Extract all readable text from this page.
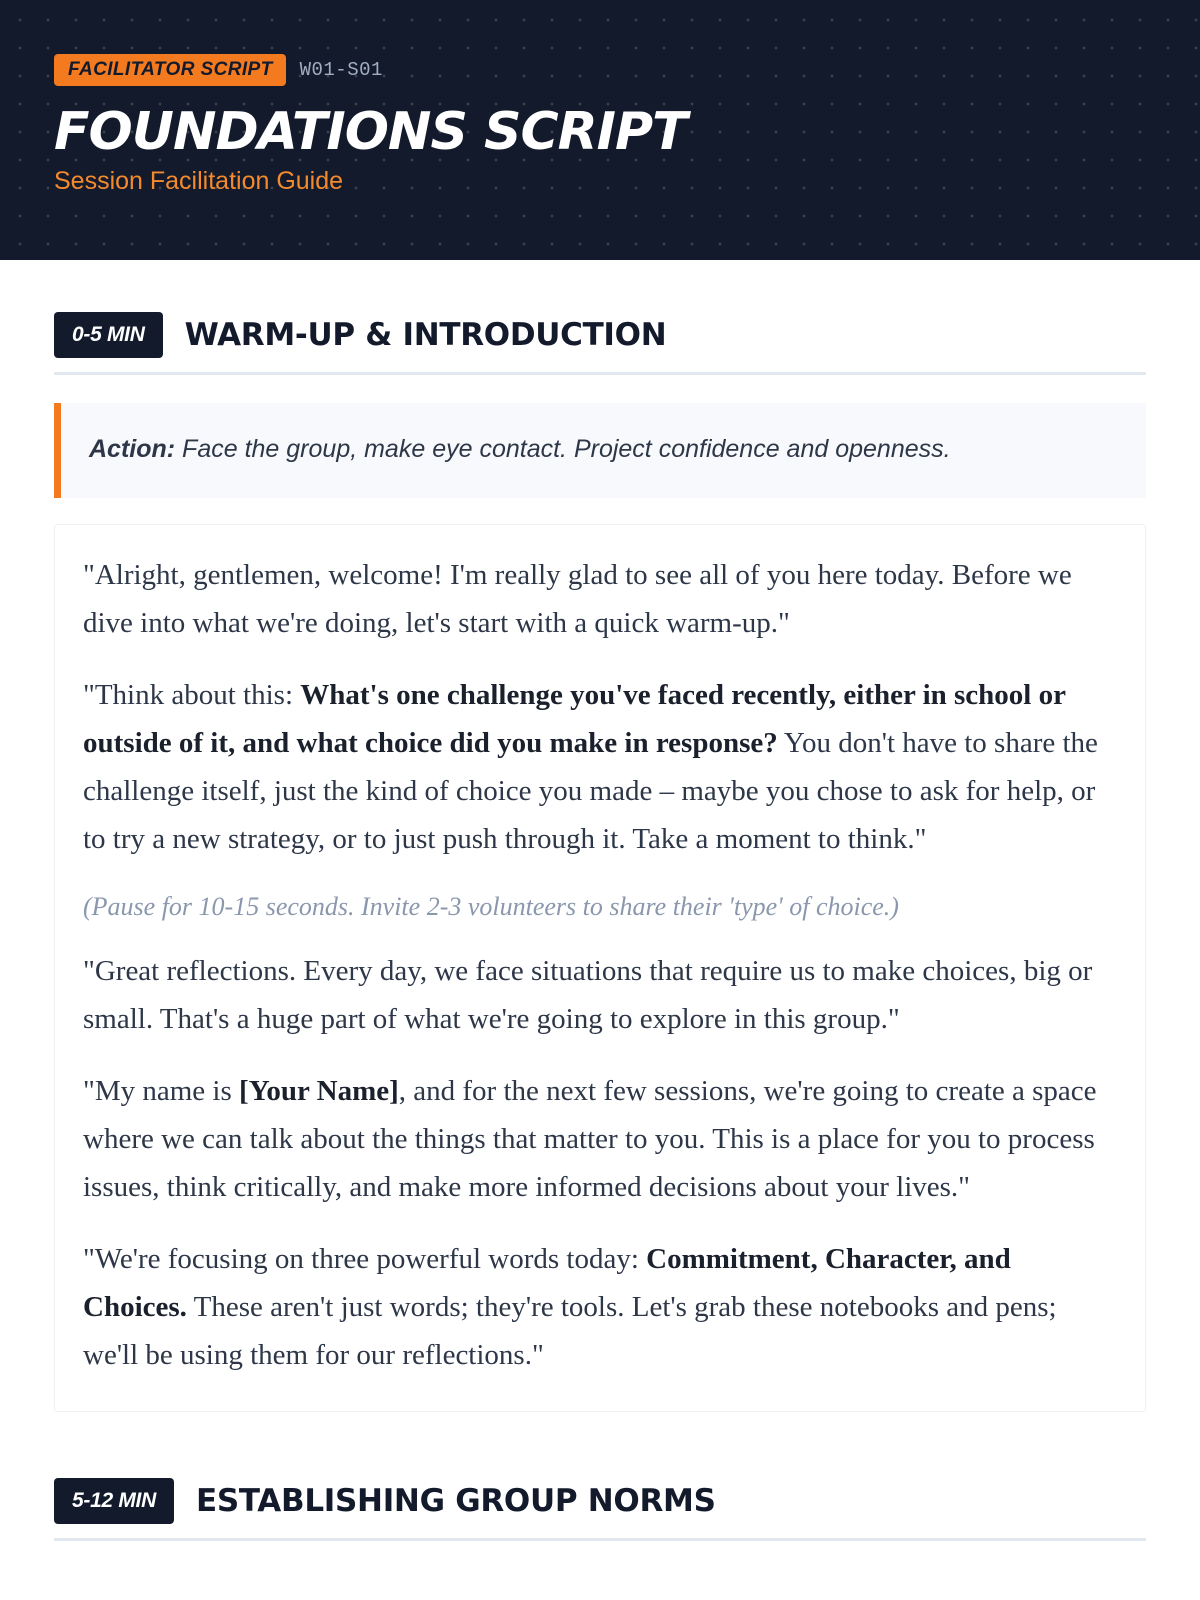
FACILITATOR SCRIPT	W01-S01
FOUNDATIONS SCRIPT
Session Facilitation Guide
0-5 MIN	WARM-UP & INTRODUCTION
Action: Face the group, make eye contact. Project confidence and openness.

"Alright, gentlemen, welcome! I'm really glad to see all of you here today. Before we dive into what we're doing, let's start with a quick warm-up."

"Think about this: What's one challenge you've faced recently, either in school or outside of it, and what choice did you make in response? You don't have to share the challenge itself, just the kind of choice you made – maybe you chose to ask for help, or to try a new strategy, or to just push through it. Take a moment to think."

(Pause for 10-15 seconds. Invite 2-3 volunteers to share their 'type' of choice.)

"Great reflections. Every day, we face situations that require us to make choices, big or small. That's a huge part of what we're going to explore in this group."

"My name is [Your Name], and for the next few sessions, we're going to create a space where we can talk about the things that matter to you. This is a place for you to process issues, think critically, and make more informed decisions about your lives."

"We're focusing on three powerful words today: Commitment, Character, and Choices. These aren't just words; they're tools. Let's grab these notebooks and pens; we'll be using them for our reflections."

5-12 MIN	ESTABLISHING GROUP NORMS
